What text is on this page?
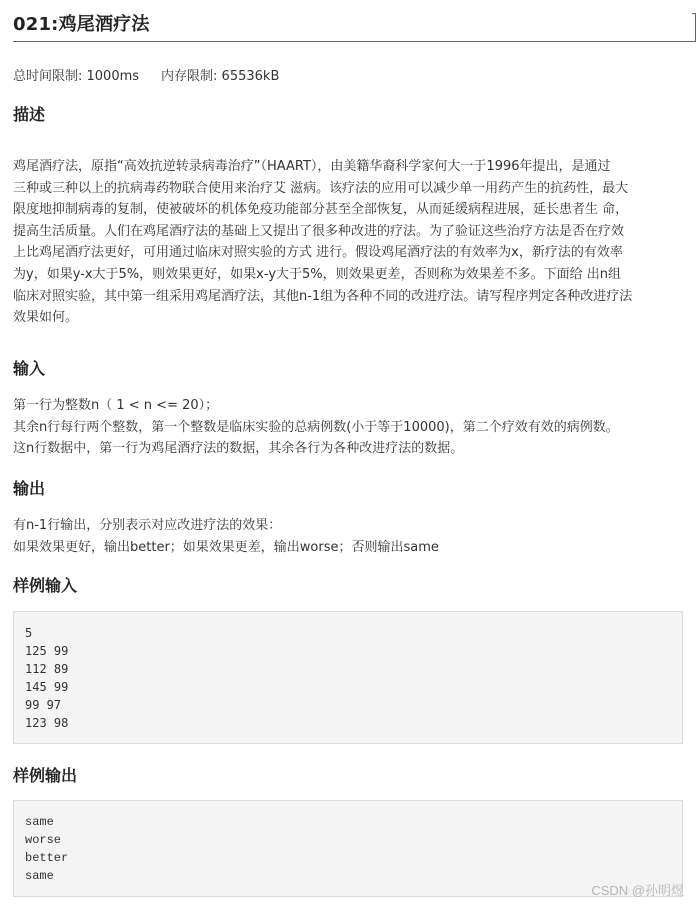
021:鸡尾酒疗法
总时间限制: 1000ms 内存限制: 65536kB
描述
鸡尾酒疗法，原指“高效抗逆转录病毒治疗”（HAART），由美籍华裔科学家何大一于1996年提出，是通过
三种或三种以上的抗病毒药物联合使用来治疗艾 滋病。该疗法的应用可以减少单一用药产生的抗药性，最大
限度地抑制病毒的复制，使被破坏的机体免疫功能部分甚至全部恢复，从而延缓病程进展，延长患者生 命，
提高生活质量。人们在鸡尾酒疗法的基础上又提出了很多种改进的疗法。为了验证这些治疗方法是否在疗效
上比鸡尾酒疗法更好，可用通过临床对照实验的方式 进行。假设鸡尾酒疗法的有效率为x，新疗法的有效率
为y，如果y-x大于5%，则效果更好，如果x-y大于5%，则效果更差，否则称为效果差不多。下面给 出n组
临床对照实验，其中第一组采用鸡尾酒疗法，其他n-1组为各种不同的改进疗法。请写程序判定各种改进疗法
效果如何。
输入
第一行为整数n（ 1 < n <= 20）；
其余n行每行两个整数，第一个整数是临床实验的总病例数(小于等于10000)，第二个疗效有效的病例数。
这n行数据中，第一行为鸡尾酒疗法的数据，其余各行为各种改进疗法的数据。
输出
有n-1行输出，分别表示对应改进疗法的效果：
如果效果更好，输出better；如果效果更差，输出worse；否则输出same
样例输入
5
125 99
112 89
145 99
99 97
123 98
样例输出
same
worse
better
same
CSDN @孙明煜
